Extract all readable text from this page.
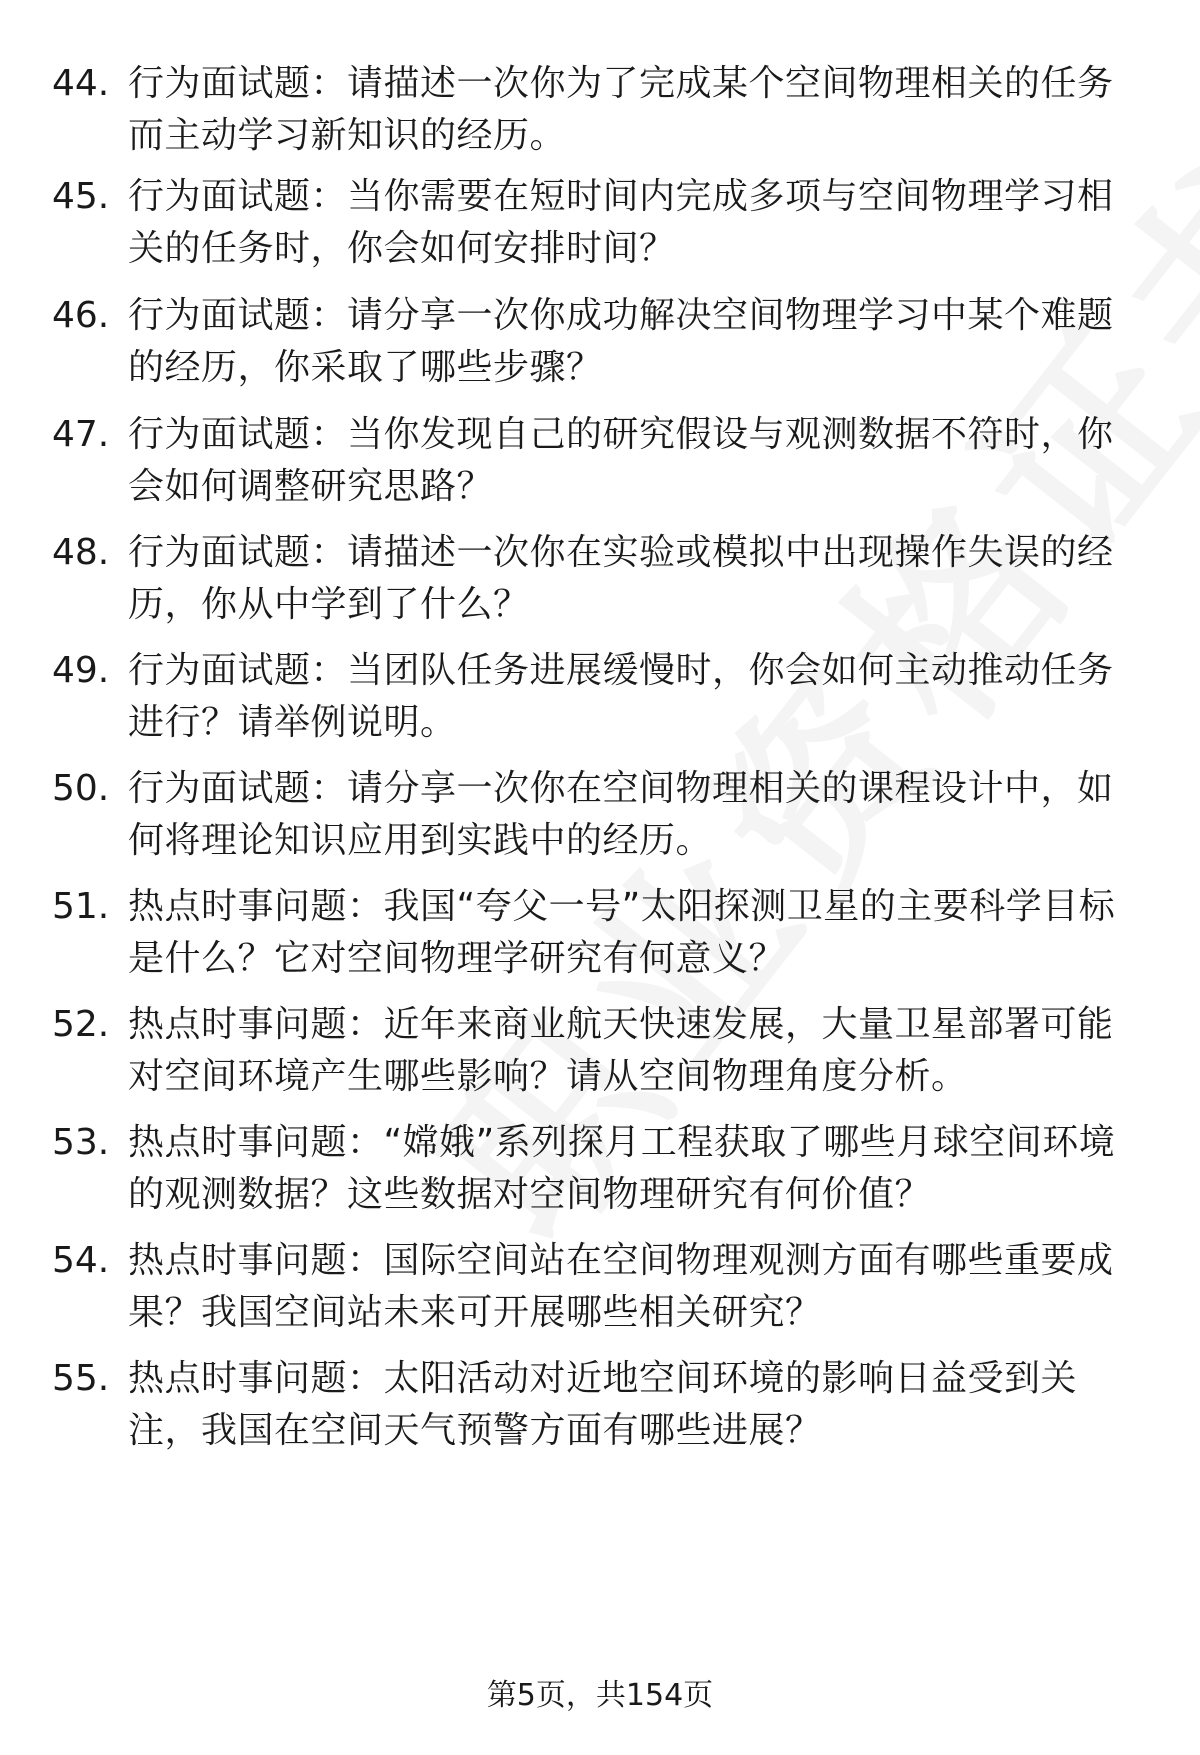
44. 行为面试题：请描述一次你为了完成某个空间物理相关的任务而主动学习新知识的经历。
45. 行为面试题：当你需要在短时间内完成多项与空间物理学习相关的任务时，你会如何安排时间？
46. 行为面试题：请分享一次你成功解决空间物理学习中某个难题的经历，你采取了哪些步骤？
47. 行为面试题：当你发现自己的研究假设与观测数据不符时，你会如何调整研究思路？
48. 行为面试题：请描述一次你在实验或模拟中出现操作失误的经历，你从中学到了什么？
49. 行为面试题：当团队任务进展缓慢时，你会如何主动推动任务进行？请举例说明。
50. 行为面试题：请分享一次你在空间物理相关的课程设计中，如何将理论知识应用到实践中的经历。
51. 热点时事问题：我国“夸父一号”太阳探测卫星的主要科学目标是什么？它对空间物理学研究有何意义？
52. 热点时事问题：近年来商业航天快速发展，大量卫星部署可能对空间环境产生哪些影响？请从空间物理角度分析。
53. 热点时事问题：“嫦娥”系列探月工程获取了哪些月球空间环境的观测数据？这些数据对空间物理研究有何价值？
54. 热点时事问题：国际空间站在空间物理观测方面有哪些重要成果？我国空间站未来可开展哪些相关研究？
55. 热点时事问题：太阳活动对近地空间环境的影响日益受到关注，我国在空间天气预警方面有哪些进展？
第5页，共154页
